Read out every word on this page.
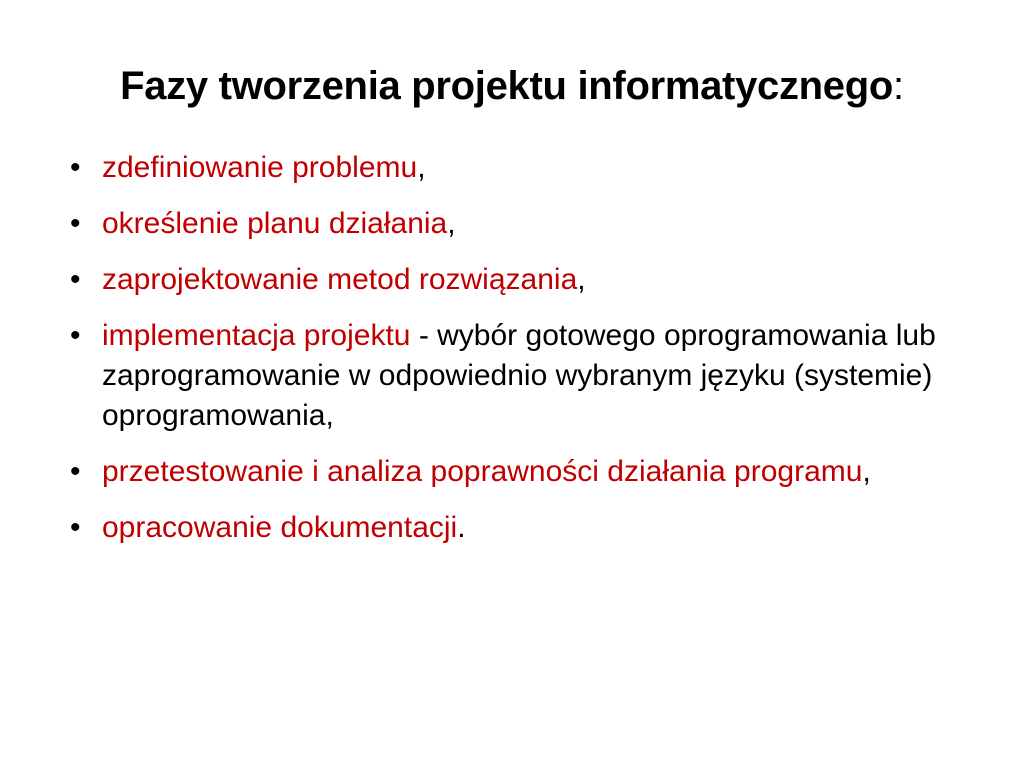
Fazy tworzenia projektu informatycznego:
• zdefiniowanie problemu,
• określenie planu działania,
• zaprojektowanie metod rozwiązania,
• implementacja projektu - wybór gotowego oprogramowania lub zaprogramowanie w odpowiednio wybranym języku (systemie) oprogramowania,
• przetestowanie i analiza poprawności działania programu,
• opracowanie dokumentacji.
